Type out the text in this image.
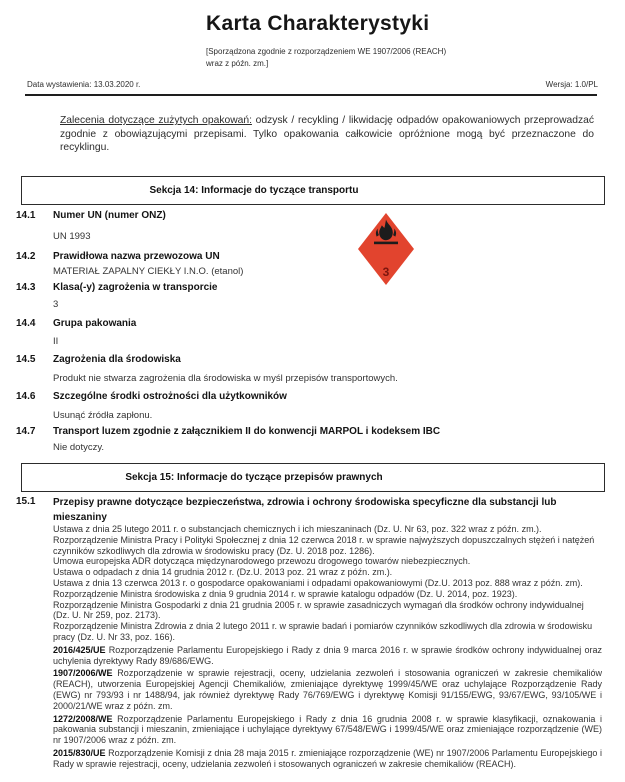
Karta Charakterystyki
[Sporządzona zgodnie z rozporządzeniem WE 1907/2006 (REACH) wraz z późn. zm.]
Data wystawienia: 13.03.2020 r.	Wersja: 1.0/PL
Zalecenia dotyczące zużytych opakowań: odzysk / recykling / likwidację odpadów opakowaniowych przeprowadzać zgodnie z obowiązującymi przepisami. Tylko opakowania całkowicie opróżnione mogą być przeznaczone do recyklingu.
Sekcja 14: Informacje do tyczące transportu
Nie dotyczy.
Transport luzem zgodnie z załącznikiem II do konwencji MARPOL i kodeksem IBC
14.7
Usunąć źródła zapłonu.
Szczególne środki ostrożności dla użytkowników
14.6
Produkt nie stwarza zagrożenia dla środowiska w myśl przepisów transportowych.
Zagrożenia dla środowiska
14.5
II
Grupa pakowania
14.4
3
Klasa(-y) zagrożenia w transporcie
14.3
MATERIAŁ ZAPALNY CIEKŁY I.N.O. (etanol)
Prawidłowa nazwa przewozowa UN
14.2
UN 1993
Numer UN (numer ONZ)
14.1
3
Sekcja 15: Informacje do tyczące przepisów prawnych
15.1 Przepisy prawne dotyczące bezpieczeństwa, zdrowia i ochrony środowiska specyficzne dla substancji lub mieszaniny

Ustawa z dnia 25 lutego 2011 r. o substancjach chemicznych i ich mieszaninach (Dz. U. Nr 63, poz. 322 wraz z późn. zm.).

Rozporządzenie Ministra Pracy i Polityki Społecznej z dnia 12 czerwca 2018 r. w sprawie najwyższych dopuszczalnych stężeń i natężeń czynników szkodliwych dla zdrowia w środowisku pracy (Dz. U. 2018 poz. 1286).

Umowa europejska ADR dotycząca międzynarodowego przewozu drogowego towarów niebezpiecznych.

Ustawa o odpadach z dnia 14 grudnia 2012 r. (Dz.U. 2013 poz. 21 wraz z późn. zm.).

Ustawa z dnia 13 czerwca 2013 r. o gospodarce opakowaniami i odpadami opakowaniowymi (Dz.U. 2013 poz. 888 wraz z późn. zm).

Rozporządzenie Ministra środowiska z dnia 9 grudnia 2014 r. w sprawie katalogu odpadów (Dz. U. 2014, poz. 1923).

Rozporządzenie Ministra Gospodarki z dnia 21 grudnia 2005 r. w sprawie zasadniczych wymagań dla środków ochrony indywidualnej (Dz. U. Nr 259, poz. 2173).

Rozporządzenie Ministra Zdrowia z dnia 2 lutego 2011 r. w sprawie badań i pomiarów czynników szkodliwych dla zdrowia w środowisku pracy (Dz. U. Nr 33, poz. 166).

2016/425/UE Rozporządzenie Parlamentu Europejskiego i Rady z dnia 9 marca 2016 r. w sprawie środków ochrony indywidualnej oraz uchylenia dyrektywy Rady 89/686/EWG.

1907/2006/WE Rozporządzenie w sprawie rejestracji, oceny, udzielania zezwoleń i stosowania ograniczeń w zakresie chemikaliów (REACH), utworzenia Europejskiej Agencji Chemikaliów, zmieniające dyrektywę 1999/45/WE oraz uchylające Rozporządzenie Rady (EWG) nr 793/93 i nr 1488/94, jak również dyrektywę Rady 76/769/EWG i dyrektywę Komisji 91/155/EWG, 93/67/EWG, 93/105/WE i 2000/21/WE wraz z późn. zm.

1272/2008/WE Rozporządzenie Parlamentu Europejskiego i Rady z dnia 16 grudnia 2008 r. w sprawie klasyfikacji, oznakowania i pakowania substancji i mieszanin, zmieniające i uchylające dyrektywy 67/548/EWG i 1999/45/WE oraz zmieniające rozporządzenie (WE) nr 1907/2006 wraz z późn. zm.

2015/830/UE Rozporządzenie Komisji z dnia 28 maja 2015 r. zmieniające rozporządzenie (WE) nr 1907/2006 Parlamentu Europejskiego i Rady w sprawie rejestracji, oceny, udzielania zezwoleń i stosowanych ograniczeń w zakresie chemikaliów (REACH).
